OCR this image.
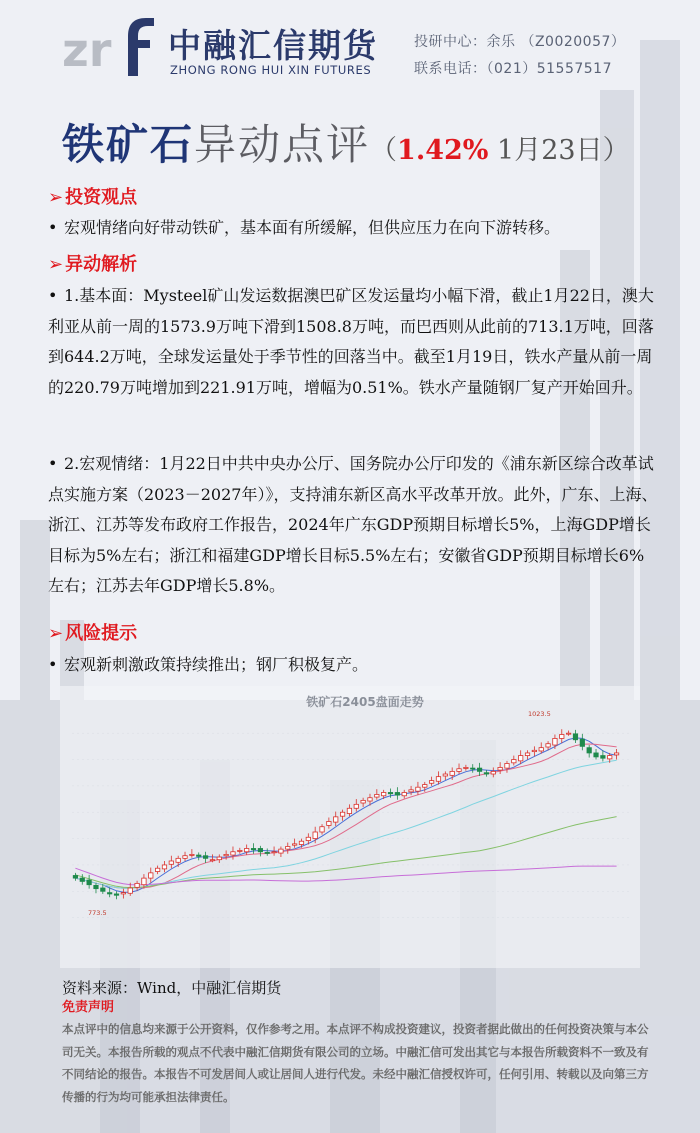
zr 中融汇信期货
ZHONG RONG HUI XIN FUTURES
投研中心：余乐 （Z0020057）
联系电话：（021）51557517
铁矿石异动点评（1.42% 1月23日）
➢ 投资观点
• 宏观情绪向好带动铁矿，基本面有所缓解，但供应压力在向下游转移。
➢ 异动解析
• 1.基本面：Mysteel矿山发运数据澳巴矿区发运量均小幅下滑，截止1月22日，澳大利亚从前一周的1573.9万吨下滑到1508.8万吨，而巴西则从此前的713.1万吨，回落到644.2万吨，全球发运量处于季节性的回落当中。截至1月19日，铁水产量从前一周的220.79万吨增加到221.91万吨，增幅为0.51%。铁水产量随钢厂复产开始回升。
• 2.宏观情绪：1月22日中共中央办公厅、国务院办公厅印发的《浦东新区综合改革试点实施方案（2023－2027年）》，支持浦东新区高水平改革开放。此外，广东、上海、浙江、江苏等发布政府工作报告，2024年广东GDP预期目标增长5%，上海GDP增长目标为5%左右；浙江和福建GDP增长目标5.5%左右；安徽省GDP预期目标增长6%左右；江苏去年GDP增长5.8%。
➢ 风险提示
• 宏观新刺激政策持续推出；钢厂积极复产。
铁矿石2405盘面走势
1023.5
773.5
资料来源：Wind，中融汇信期货
免责声明
本点评中的信息均来源于公开资料，仅作参考之用。本点评不构成投资建议，投资者据此做出的任何投资决策与本公司无关。本报告所载的观点不代表中融汇信期货有限公司的立场。中融汇信可发出其它与本报告所载资料不一致及有不同结论的报告。本报告不可发居间人或让居间人进行代发。未经中融汇信授权许可，任何引用、转载以及向第三方传播的行为均可能承担法律责任。
